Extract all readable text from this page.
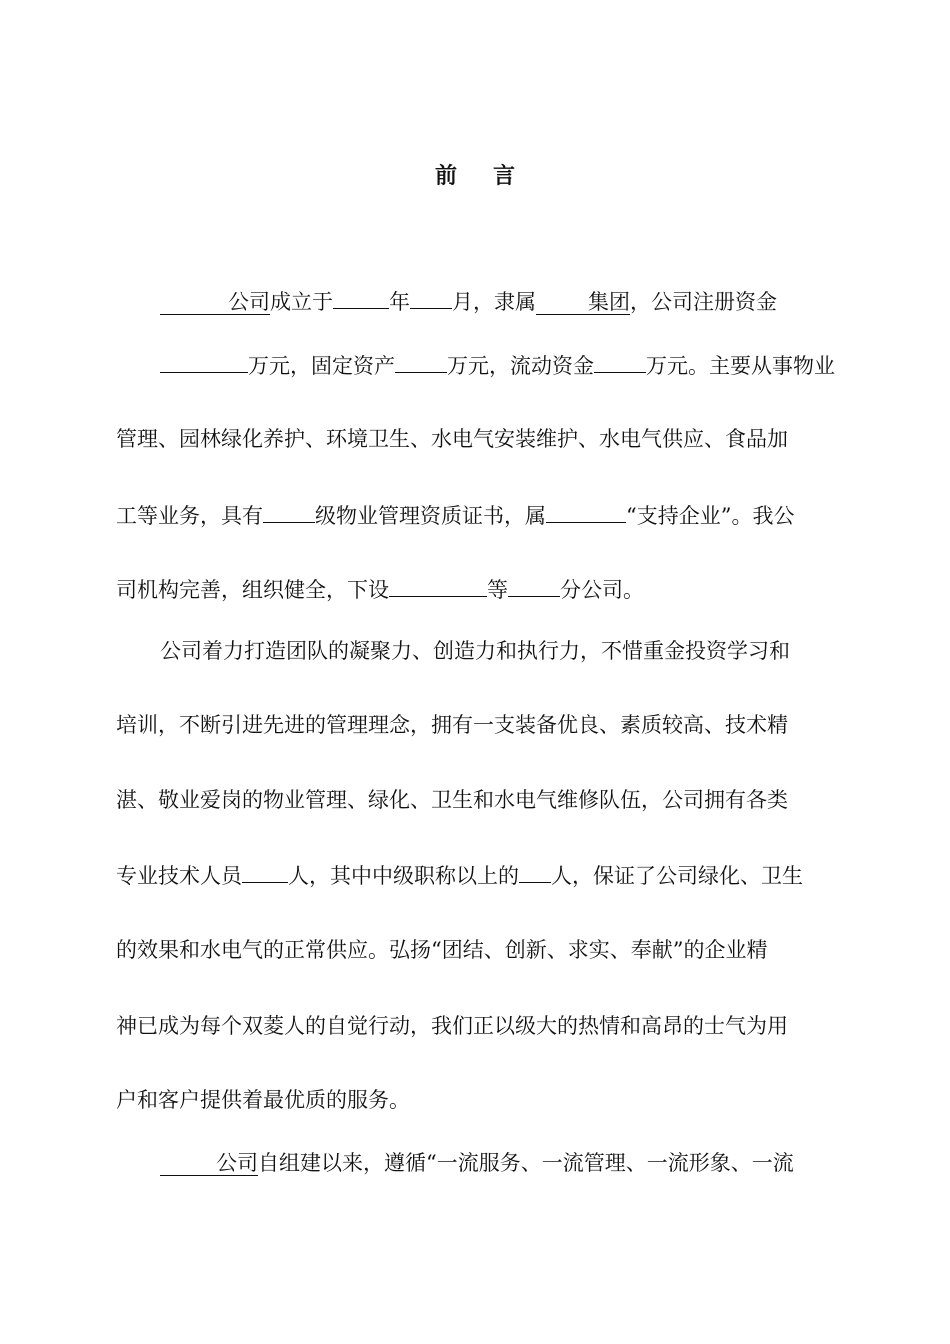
前言
公司成立于	年 月，隶属 集团，公司注册资金
万元，固定资产 万元，流动资金 万元。主要从事物业
管理、园林绿化养护、环境卫生、水电气安装维护、水电气供应、食品加
工等业务，具有 级物业管理资质证书，属	“支持企业”。我公
司机构完善，组织健全，下设	等 分公司。
公司着力打造团队的凝聚力、创造力和执行力，不惜重金投资学习和
培训，不断引进先进的管理理念，拥有一支装备优良、素质较高、技术精
湛、敬业爱岗的物业管理、绿化、卫生和水电气维修队伍，公司拥有各类
专业技术人员 人，其中中级职称以上的 人，保证了公司绿化、卫生
的效果和水电气的正常供应。弘扬“团结、创新、求实、奉献”的企业精
神已成为每个双菱人的自觉行动，我们正以级大的热情和高昂的士气为用
户和客户提供着最优质的服务。
公司自组建以来，遵循“一流服务、一流管理、一流形象、一流
